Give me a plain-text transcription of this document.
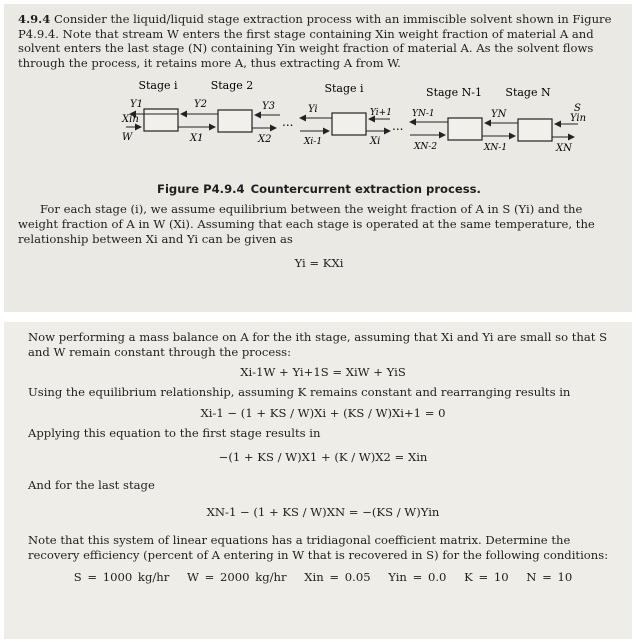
4.9.4 Consider the liquid/liquid stage extraction process with an immiscible solvent shown in Figure P4.9.4. Note that stream W enters the first stage containing Xin weight fraction of material A and solvent enters the last stage (N) containing Yin weight fraction of material A. As the solvent flows through the process, it retains more A, thus extracting A from W.

Stage i	Stage 2	Stage i	Stage N-1 Stage N
...	...
Y1	Y2	Y3	Yi	Yi+1 YN-1	YN
X1	X2	Xi-1	Xi	XN-2	XN-1	XN
Xin
W
S
Yin
Figure P4.9.4 Countercurrent extraction process.

For each stage (i), we assume equilibrium between the weight fraction of A in S (Yi) and the weight fraction of A in W (Xi). Assuming that each stage is operated at the same temperature, the relationship between Xi and Yi can be given as

Yi = KXi

Now performing a mass balance on A for the ith stage, assuming that Xi and Yi are small so that S and W remain constant through the process:

Xi-1W + Yi+1S = XiW + YiS

Using the equilibrium relationship, assuming K remains constant and rearranging results in

Xi-1 − (1 + KS / W)Xi + (KS / W)Xi+1 = 0

Applying this equation to the first stage results in

−(1 + KS / W)X1 + (K / W)X2 = Xin

And for the last stage

XN-1 − (1 + KS / W)XN = −(KS / W)Yin

Note that this system of linear equations has a tridiagonal coefficient matrix. Determine the recovery efficiency (percent of A entering in W that is recovered in S) for the following conditions:

S = 1000 kg/hr W = 2000 kg/hr Xin = 0.05 Yin = 0.0 K = 10 N = 10
